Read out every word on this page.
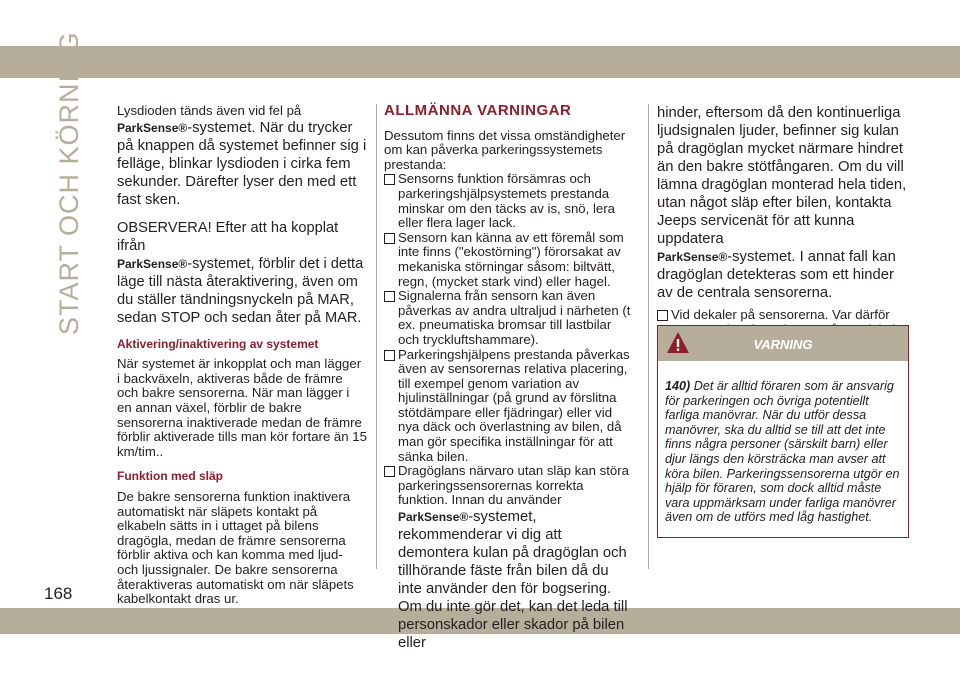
START OCH KÖRNING
168

Lysdioden tänds även vid fel på
ParkSense®-systemet. När du trycker på knappen då systemet befinner sig i felläge, blinkar lysdioden i cirka fem sekunder. Därefter lyser den med ett fast sken.

OBSERVERA! Efter att ha kopplat ifrån
ParkSense®-systemet, förblir det i detta läge till nästa återaktivering, även om du ställer tändningsnyckeln på MAR, sedan STOP och sedan åter på MAR.

Aktivering/inaktivering av systemet

När systemet är inkopplat och man lägger i backväxeln, aktiveras både de främre och bakre sensorerna. När man lägger i en annan växel, förblir de bakre sensorerna inaktiverade medan de främre förblir aktiverade tills man kör fortare än 15 km/tim..

Funktion med släp

De bakre sensorerna funktion inaktivera automatiskt när släpets kontakt på elkabeln sätts in i uttaget på bilens dragögla, medan de främre sensorerna förblir aktiva och kan komma med ljud- och ljussignaler. De bakre sensorerna återaktiveras automatiskt om när släpets kabelkontakt dras ur.

ALLMÄNNA VARNINGAR
Dessutom finns det vissa omständigheter om kan påverka parkeringssystemets prestanda:
Sensorns funktion försämras och parkeringshjälpsystemets prestanda minskar om den täcks av is, snö, lera eller flera lager lack.
Sensorn kan känna av ett föremål som inte finns ("ekostörning") förorsakat av mekaniska störningar såsom: biltvätt, regn, (mycket stark vind) eller hagel.
Signalerna från sensorn kan även påverkas av andra ultraljud i närheten (t ex. pneumatiska bromsar till lastbilar och tryckluftshammare).
Parkeringshjälpens prestanda påverkas även av sensorernas relativa placering, till exempel genom variation av hjulinställningar (på grund av förslitna stötdämpare eller fjädringar) eller vid nya däck och överlastning av bilen, då man gör specifika inställningar för att sänka bilen.
Dragöglans närvaro utan släp kan störa parkeringssensorernas korrekta funktion. Innan du använder ParkSense®-systemet, rekommenderar vi dig att demontera kulan på dragöglan och tillhörande fäste från bilen då du inte använder den för bogsering. Om du inte gör det, kan det leda till personskador eller skador på bilen eller

hinder, eftersom då den kontinuerliga ljudsignalen ljuder, befinner sig kulan på dragöglan mycket närmare hindret än den bakre stötfångaren. Om du vill lämna dragöglan monterad hela tiden, utan något släp efter bilen, kontakta Jeeps servicenät för att kunna uppdatera
ParkSense®-systemet. I annat fall kan dragöglan detekteras som ett hinder av de centrala sensorerna.

Vid dekaler på sensorerna. Var därför
VARNING
140) Det är alltid föraren som är ansvarig för parkeringen och övriga potentiellt farliga manövrar. När du utför dessa manövrer, ska du alltid se till att det inte finns några personer (särskilt barn) eller djur längs den körsträcka man avser att köra bilen. Parkeringssensorerna utgör en hjälp för föraren, som dock alltid måste vara uppmärksam under farliga manövrer även om de utförs med låg hastighet.
